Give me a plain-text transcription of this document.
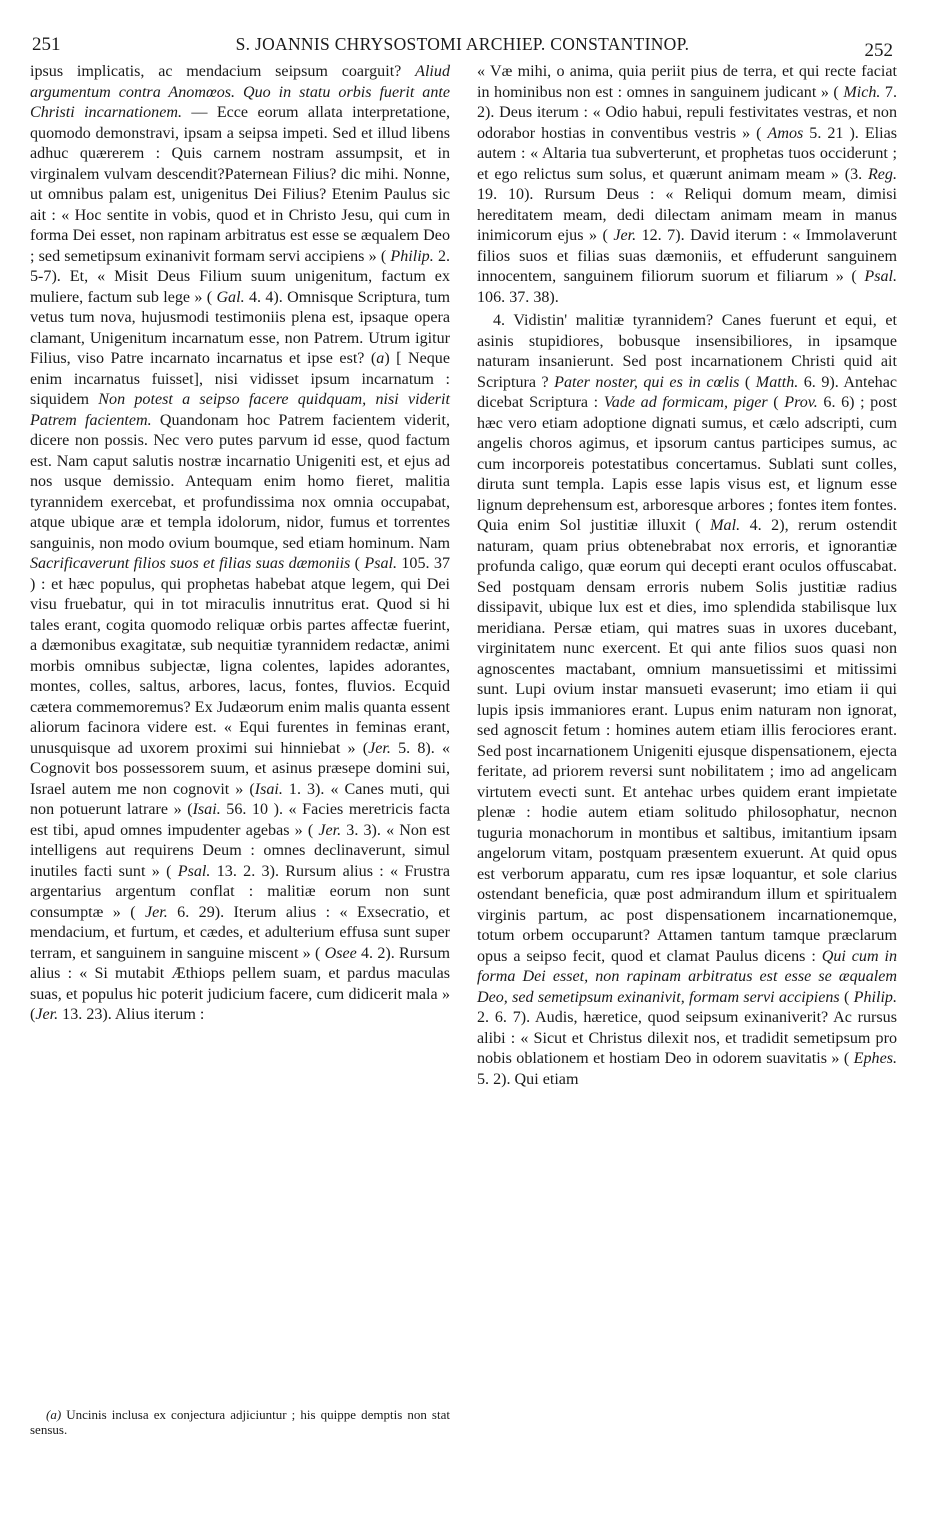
251	S. JOANNIS CHRYSOSTOMI ARCHIEP. CONSTANTINOP.	252

ipsus implicatis, ac mendacium seipsum coarguit? Aliud argumentum contra Anomœos. Quo in statu orbis fuerit ante Christi incarnationem. — Ecce eorum allata interpretatione, quomodo demonstravi, ipsam a seipsa impeti. Sed et illud libens adhuc quærerem : Quis carnem nostram assumpsit, et in virginalem vulvam descendit?Paternean Filius? dic mihi. Nonne, ut omnibus palam est, unigenitus Dei Filius? Etenim Paulus sic ait : « Hoc sentite in vobis, quod et in Christo Jesu, qui cum in forma Dei esset, non rapinam arbitratus est esse se æqualem Deo ; sed semetipsum exinanivit formam servi accipiens » ( Philip. 2. 5-7). Et, « Misit Deus Filium suum unigenitum, factum ex muliere, factum sub lege » ( Gal. 4. 4). Omnisque Scriptura, tum vetus tum nova, hujusmodi testimoniis plena est, ipsaque opera clamant, Unigenitum incarnatum esse, non Patrem. Utrum igitur Filius, viso Patre incarnato incarnatus et ipse est? (a) [ Neque enim incarnatus fuisset], nisi vidisset ipsum incarnatum : siquidem Non potest a seipso facere quidquam, nisi viderit Patrem facientem. Quandonam hoc Patrem facientem viderit, dicere non possis. Nec vero putes parvum id esse, quod factum est. Nam caput salutis nostræ incarnatio Unigeniti est, et ejus ad nos usque demissio. Antequam enim homo fieret, malitia tyrannidem exercebat, et profundissima nox omnia occupabat, atque ubique aræ et templa idolorum, nidor, fumus et torrentes sanguinis, non modo ovium boumque, sed etiam hominum. Nam Sacrificaverunt filios suos et filias suas dæmoniis ( Psal. 105. 37 ) : et hæc populus, qui prophetas habebat atque legem, qui Dei visu fruebatur, qui in tot miraculis innutritus erat. Quod si hi tales erant, cogita quomodo reliquæ orbis partes affectæ fuerint, a dæmonibus exagitatæ, sub nequitiæ tyrannidem redactæ, animi morbis omnibus subjectæ, ligna colentes, lapides adorantes, montes, colles, saltus, arbores, lacus, fontes, fluvios. Ecquid cætera commemoremus? Ex Judæorum enim malis quanta essent aliorum facinora videre est. « Equi furentes in feminas erant, unusquisque ad uxorem proximi sui hinniebat » (Jer. 5. 8). « Cognovit bos possessorem suum, et asinus præsepe domini sui, Israel autem me non cognovit » (Isai. 1. 3). « Canes muti, qui non potuerunt latrare » (Isai. 56. 10 ). « Facies meretricis facta est tibi, apud omnes impudenter agebas » ( Jer. 3. 3). « Non est intelligens aut requirens Deum : omnes declinaverunt, simul inutiles facti sunt » ( Psal. 13. 2. 3). Rursum alius : « Frustra argentarius argentum conflat : malitiæ eorum non sunt consumptæ » ( Jer. 6. 29). Iterum alius : « Exsecratio, et mendacium, et furtum, et cædes, et adulterium effusa sunt super terram, et sanguinem in sanguine miscent » ( Osee 4. 2). Rursum alius : « Si mutabit Æthiops pellem suam, et pardus maculas suas, et populus hic poterit judicium facere, cum didicerit mala » (Jer. 13. 23). Alius iterum :

(a) Uncinis inclusa ex conjectura adjiciuntur ; his quippe demptis non stat sensus.

« Væ mihi, o anima, quia periit pius de terra, et qui recte faciat in hominibus non est : omnes in sanguinem judicant » ( Mich. 7. 2). Deus iterum : « Odio habui, repuli festivitates vestras, et non odorabor hostias in conventibus vestris » ( Amos 5. 21 ). Elias autem : « Altaria tua subverterunt, et prophetas tuos occiderunt ; et ego relictus sum solus, et quærunt animam meam » (3. Reg. 19. 10). Rursum Deus : « Reliqui domum meam, dimisi hereditatem meam, dedi dilectam animam meam in manus inimicorum ejus » ( Jer. 12. 7). David iterum : « Immolaverunt filios suos et filias suas dæmoniis, et effuderunt sanguinem innocentem, sanguinem filiorum suorum et filiarum » ( Psal. 106. 37. 38).

4. Vidistin' malitiæ tyrannidem? Canes fuerunt et equi, et asinis stupidiores, bobusque insensibiliores, in ipsamque naturam insanierunt. Sed post incarnationem Christi quid ait Scriptura ? Pater noster, qui es in cœlis ( Matth. 6. 9). Antehac dicebat Scriptura : Vade ad formicam, piger ( Prov. 6. 6) ; post hæc vero etiam adoptione dignati sumus, et cælo adscripti, cum angelis choros agimus, et ipsorum cantus participes sumus, ac cum incorporeis potestatibus concertamus. Sublati sunt colles, diruta sunt templa. Lapis esse lapis visus est, et lignum esse lignum deprehensum est, arboresque arbores ; fontes item fontes. Quia enim Sol justitiæ illuxit ( Mal. 4. 2), rerum ostendit naturam, quam prius obtenebrabat nox erroris, et ignorantiæ profunda caligo, quæ eorum qui decepti erant oculos offuscabat. Sed postquam densam erroris nubem Solis justitiæ radius dissipavit, ubique lux est et dies, imo splendida stabilisque lux meridiana. Persæ etiam, qui matres suas in uxores ducebant, virginitatem nunc exercent. Et qui ante filios suos quasi non agnoscentes mactabant, omnium mansuetissimi et mitissimi sunt. Lupi ovium instar mansueti evaserunt; imo etiam ii qui lupis ipsis immaniores erant. Lupus enim naturam non ignorat, sed agnoscit fetum : homines autem etiam illis ferociores erant. Sed post incarnationem Unigeniti ejusque dispensationem, ejecta feritate, ad priorem reversi sunt nobilitatem ; imo ad angelicam virtutem evecti sunt. Et antehac urbes quidem erant impietate plenæ : hodie autem etiam solitudo philosophatur, necnon tuguria monachorum in montibus et saltibus, imitantium ipsam angelorum vitam, postquam præsentem exuerunt. At quid opus est verborum apparatu, cum res ipsæ loquantur, et sole clarius ostendant beneficia, quæ post admirandum illum et spiritualem virginis partum, ac post dispensationem incarnationemque, totum orbem occuparunt? Attamen tantum tamque præclarum opus a seipso fecit, quod et clamat Paulus dicens : Qui cum in forma Dei esset, non rapinam arbitratus est esse se æqualem Deo, sed semetipsum exinanivit, formam servi accipiens ( Philip. 2. 6. 7). Audis, hæretice, quod seipsum exinaniverit? Ac rursus alibi : « Sicut et Christus dilexit nos, et tradidit semetipsum pro nobis oblationem et hostiam Deo in odorem suavitatis » ( Ephes. 5. 2). Qui etiam
